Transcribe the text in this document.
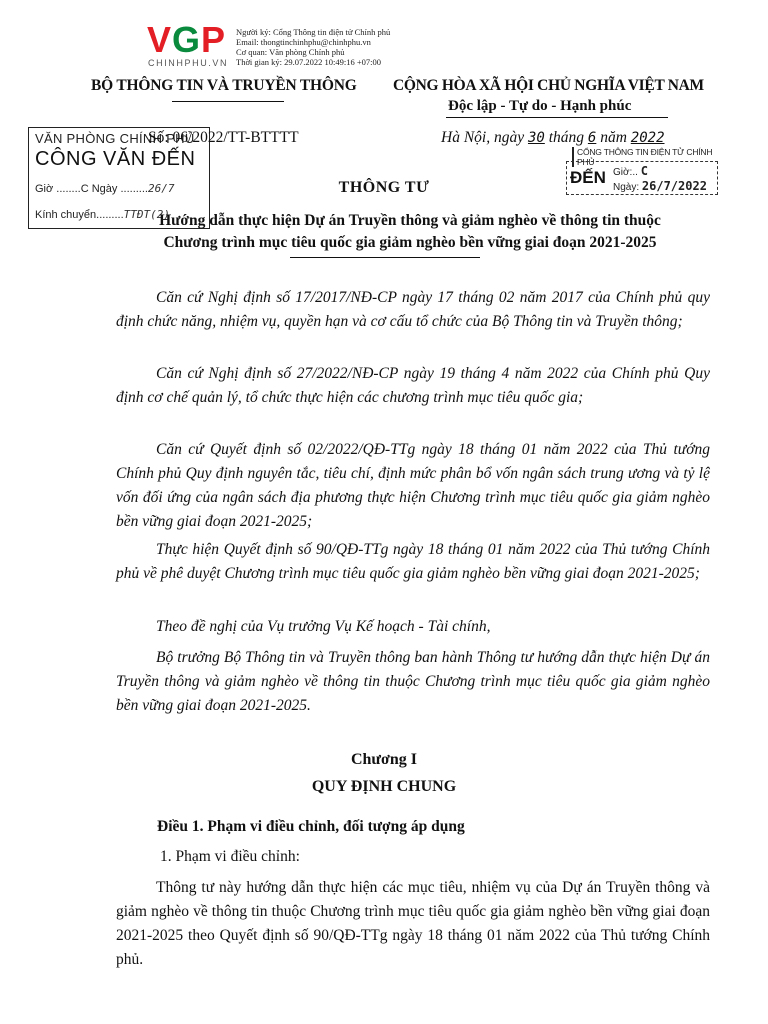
VGP
CHINHPHU.VN
Người ký: Cổng Thông tin điện tử Chính phủ
Email: thongtinchinhphu@chinhphu.vn
Cơ quan: Văn phòng Chính phủ
Thời gian ký: 29.07.2022 10:49:16 +07:00
BỘ THÔNG TIN VÀ TRUYỀN THÔNG CỘNG HÒA XÃ HỘI CHỦ NGHĨA VIỆT NAM
Độc lập - Tự do - Hạnh phúc
VĂN PHÒNG CHÍNH PHỦ
CÔNG VĂN ĐẾN
Giờ ........C Ngày .........26/7
Kính chuyển.........TTĐT(2)
Số: 06/2022/TT-BTTTT	Hà Nội, ngày 30 tháng 6 năm 2022
CỔNG THÔNG TIN ĐIỆN TỬ CHÍNH PHỦ
ĐẾN Giờ:.. C
Ngày: 26/7/2022
THÔNG TƯ
Hướng dẫn thực hiện Dự án Truyền thông và giảm nghèo về thông tin thuộc
Chương trình mục tiêu quốc gia giảm nghèo bền vững giai đoạn 2021-2025
Căn cứ Nghị định số 17/2017/NĐ-CP ngày 17 tháng 02 năm 2017 của Chính phủ quy định chức năng, nhiệm vụ, quyền hạn và cơ cấu tổ chức của Bộ Thông tin và Truyền thông;
Căn cứ Nghị định số 27/2022/NĐ-CP ngày 19 tháng 4 năm 2022 của Chính phủ Quy định cơ chế quản lý, tổ chức thực hiện các chương trình mục tiêu quốc gia;
Căn cứ Quyết định số 02/2022/QĐ-TTg ngày 18 tháng 01 năm 2022 của Thủ tướng Chính phủ Quy định nguyên tắc, tiêu chí, định mức phân bổ vốn ngân sách trung ương và tỷ lệ vốn đối ứng của ngân sách địa phương thực hiện Chương trình mục tiêu quốc gia giảm nghèo bền vững giai đoạn 2021-2025;
Thực hiện Quyết định số 90/QĐ-TTg ngày 18 tháng 01 năm 2022 của Thủ tướng Chính phủ về phê duyệt Chương trình mục tiêu quốc gia giảm nghèo bền vững giai đoạn 2021-2025;
Theo đề nghị của Vụ trưởng Vụ Kế hoạch - Tài chính,
Bộ trưởng Bộ Thông tin và Truyền thông ban hành Thông tư hướng dẫn thực hiện Dự án Truyền thông và giảm nghèo về thông tin thuộc Chương trình mục tiêu quốc gia giảm nghèo bền vững giai đoạn 2021-2025.
Chương I
QUY ĐỊNH CHUNG
Điều 1. Phạm vi điều chỉnh, đối tượng áp dụng
1. Phạm vi điều chỉnh:
Thông tư này hướng dẫn thực hiện các mục tiêu, nhiệm vụ của Dự án Truyền thông và giảm nghèo về thông tin thuộc Chương trình mục tiêu quốc gia giảm nghèo bền vững giai đoạn 2021-2025 theo Quyết định số 90/QĐ-TTg ngày 18 tháng 01 năm 2022 của Thủ tướng Chính phủ.
